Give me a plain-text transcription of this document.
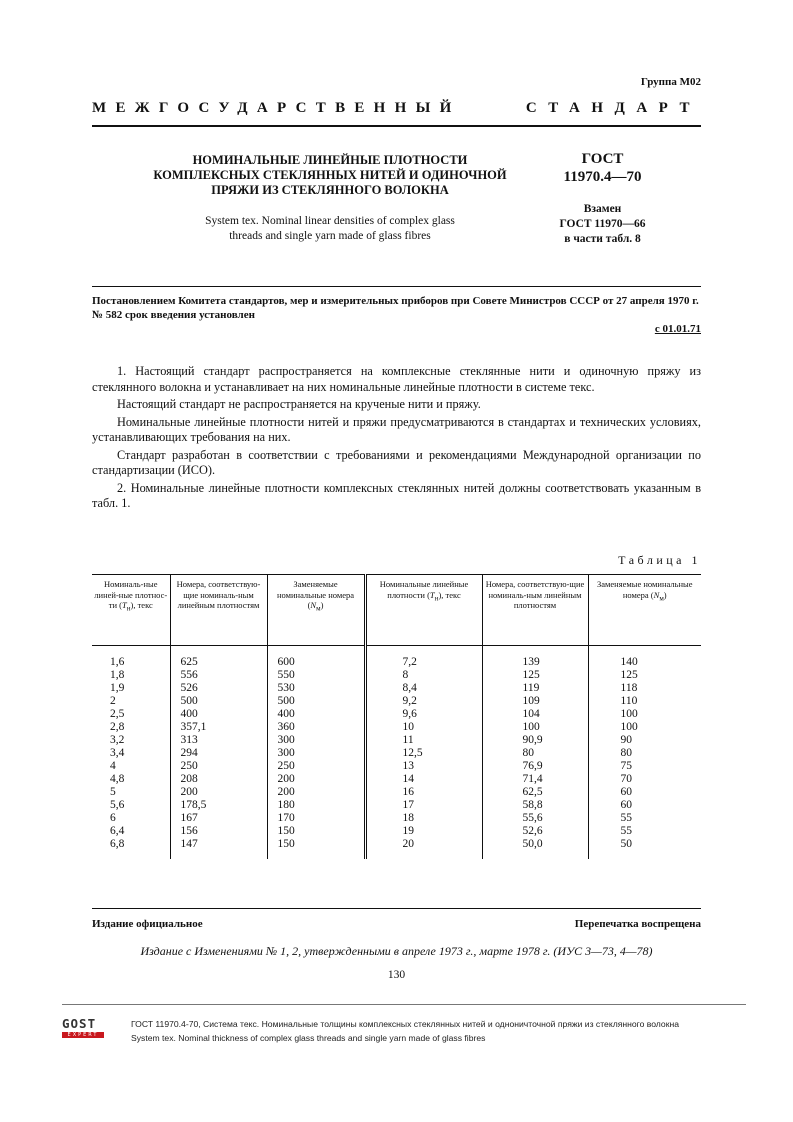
Группа М02
МЕЖГОСУДАРСТВЕННЫЙ	СТАНДАРТ
НОМИНАЛЬНЫЕ ЛИНЕЙНЫЕ ПЛОТНОСТИ
КОМПЛЕКСНЫХ СТЕКЛЯННЫХ НИТЕЙ И ОДИНОЧНОЙ
ПРЯЖИ ИЗ СТЕКЛЯННОГО ВОЛОКНА
System tex. Nominal linear densities of complex glass
threads and single yarn made of glass fibres
ГОСТ
11970.4—70
Взамен
ГОСТ 11970—66
в части табл. 8
Постановлением Комитета стандартов, мер и измерительных приборов при Совете Министров СССР от 27 апреля 1970 г. № 582 срок введения установлен
с 01.01.71

1. Настоящий стандарт распространяется на комплексные стеклянные нити и одиночную пряжу из стеклянного волокна и устанавливает на них номинальные линейные плотности в системе текс.

Настоящий стандарт не распространяется на крученые нити и пряжу.

Номинальные линейные плотности нитей и пряжи предусматриваются в стандартах и технических условиях, устанавливающих требования на них.

Стандарт разработан в соответствии с требованиями и рекомендациями Международной организации по стандартизации (ИСО).

2. Номинальные линейные плотности комплексных стеклянных нитей должны соответствовать указанным в табл. 1.

Таблица 1
Номиналь-ные линей-ные плотнос-ти $(T_н)$, текс	Номера, соответствую-щие номиналь-ным линейным плотностям	Заменяемые номинальные номера $(N_м)$	Номинальные линейные плотности $(T_н)$, текс	Номера, соответствую-щие номиналь-ным линейным плотностям	Заменяемые номинальные номера $(N_м)$
1,6	625	600	7,2	139	140
1,8	556	550	8	125	125
1,9	526	530	8,4	119	118
2	500	500	9,2	109	110
2,5	400	400	9,6	104	100
2,8	357,1	360	10	100	100
3,2	313	300	11	90,9	90
3,4	294	300	12,5	80	80
4	250	250	13	76,9	75
4,8	208	200	14	71,4	70
5	200	200	16	62,5	60
5,6	178,5	180	17	58,8	60
6	167	170	18	55,6	55
6,4	156	150	19	52,6	55
6,8	147	150	20	50,0	50
Издание официальное	Перепечатка воспрещена
Издание с Изменениями № 1, 2, утвержденными в апреле 1973 г., марте 1978 г. (ИУС 3—73, 4—78)
130
GOST
EXPERT
ГОСТ 11970.4-70, Система текс. Номинальные толщины комплексных стеклянных нитей и одноничточной пряжи из стеклянного волокна
System tex. Nominal thickness of complex glass threads and single yarn made of glass fibres
